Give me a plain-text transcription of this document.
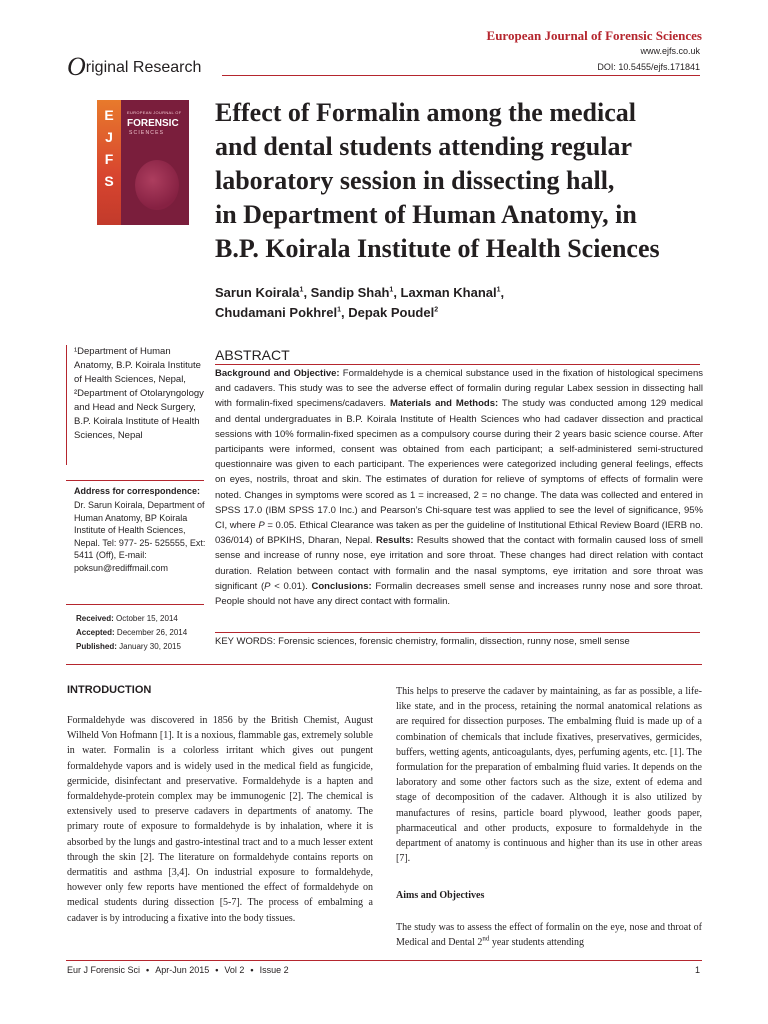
European Journal of Forensic Sciences
www.ejfs.co.uk
DOI: 10.5455/ejfs.171841
Original Research
EJFS
EUROPEAN JOURNAL OF
FORENSIC
SCIENCES
Effect of Formalin among the medical
and dental students attending regular
laboratory session in dissecting hall,
in Department of Human Anatomy, in
B.P. Koirala Institute of Health Sciences
Sarun Koirala$^1$, Sandip Shah$^1$, Laxman Khanal$^1$,
Chudamani Pokhrel$^1$, Depak Poudel$^2$
¹Department of Human Anatomy, B.P. Koirala Institute of Health Sciences, Nepal, ²Department of Otolaryngology and Head and Neck Surgery, B.P. Koirala Institute of Health Sciences, Nepal
Address for correspondence:
Dr. Sarun Koirala, Department of Human Anatomy, BP Koirala Institute of Health Sciences, Nepal. Tel: 977- 25- 525555, Ext: 5411 (Off), E-mail: poksun@rediffmail.com
Received: October 15, 2014
Accepted: December 26, 2014
Published: January 30, 2015
ABSTRACT
Background and Objective: Formaldehyde is a chemical substance used in the fixation of histological specimens and cadavers. This study was to see the adverse effect of formalin during regular Labex session in dissecting hall with formalin-fixed specimens/cadavers. Materials and Methods: The study was conducted among 129 medical and dental undergraduates in B.P. Koirala Institute of Health Sciences who had cadaver dissection and practical sessions with 10% formalin-fixed specimen as a compulsory course during their 2 years basic science course. After participants were informed, consent was obtained from each participant; a self-administered semi-structured questionnaire was given to each participant. The experiences were categorized including general feelings, effects on eyes, nostrils, throat and skin. The estimates of duration for relieve of symptoms of effects of formalin were noted. Changes in symptoms were scored as 1 = increased, 2 = no change. The data was collected and entered in SPSS 17.0 (IBM SPSS 17.0 Inc.) and Pearson’s Chi-square test was applied to see the level of significance, 95% CI, where P = 0.05. Ethical Clearance was taken as per the guideline of Institutional Ethical Review Board (IERB no. 036/014) of BPKIHS, Dharan, Nepal. Results: Results showed that the contact with formalin caused loss of smell sense and increase of runny nose, eye irritation and sore throat. These changes had direct relation with contact duration. Relation between contact with formalin and the nasal symptoms, eye irritation and sore throat was significant (P < 0.01). Conclusions: Formalin decreases smell sense and increases runny nose and sore throat. People should not have any direct contact with formalin.
KEY WORDS: Forensic sciences, forensic chemistry, formalin, dissection, runny nose, smell sense
INTRODUCTION
Formaldehyde was discovered in 1856 by the British Chemist, August Wilheld Von Hofmann [1]. It is a noxious, flammable gas, extremely soluble in water. Formalin is a colorless irritant which gives out pungent formaldehyde vapors and is widely used in the medical field as fungicide, germicide, disinfectant and preservative. Formaldehyde is a hapten and formaldehyde-protein complex may be immunogenic [2]. The chemical is extensively used to preserve cadavers in departments of anatomy. The primary route of exposure to formaldehyde is by inhalation, where it is absorbed by the lungs and gastro-intestinal tract and to a much lesser extent through the skin [2]. The literature on formaldehyde contains reports on dermatitis and asthma [3,4]. On industrial exposure to formaldehyde, however only few reports have mentioned the effect of formaldehyde on medical students during dissection [5-7]. The process of embalming a cadaver is by introducing a fixative into the body tissues.
This helps to preserve the cadaver by maintaining, as far as possible, a life-like state, and in the process, retaining the normal anatomical relations as are required for dissection purposes. The embalming fluid is made up of a combination of chemicals that include fixatives, preservatives, germicides, buffers, wetting agents, anticoagulants, dyes, perfuming agents, etc. [1]. The formulation for the preparation of embalming fluid varies. It depends on the laboratory and some other factors such as the size, extent of edema and stage of decomposition of the cadaver. Although it is also utilized by manufactures of resins, particle board plywood, leather goods paper, pharmaceutical and other products, exposure to formaldehyde in the department of anatomy is continuous and higher than its use in other areas [7].
Aims and Objectives
The study was to assess the effect of formalin on the eye, nose and throat of Medical and Dental 2nd year students attending
Eur J Forensic Sci • Apr-Jun 2015 • Vol 2 • Issue 2	1
